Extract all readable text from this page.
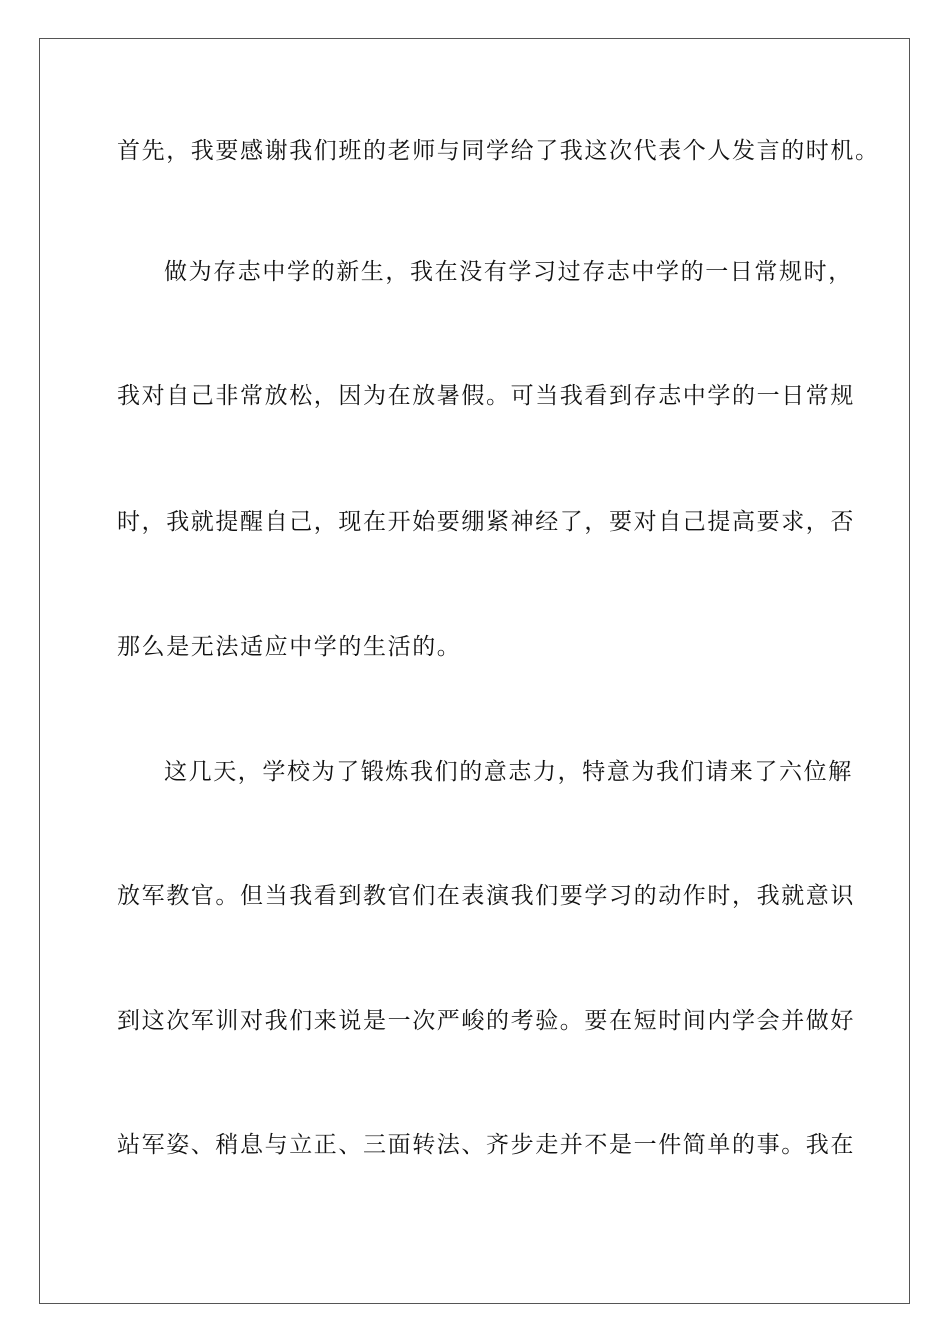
首先，我要感谢我们班的老师与同学给了我这次代表个人发言的时机。
做为存志中学的新生，我在没有学习过存志中学的一日常规时，
我对自己非常放松，因为在放暑假。可当我看到存志中学的一日常规
时，我就提醒自己，现在开始要绷紧神经了，要对自己提高要求，否
那么是无法适应中学的生活的。
这几天，学校为了锻炼我们的意志力，特意为我们请来了六位解
放军教官。但当我看到教官们在表演我们要学习的动作时，我就意识
到这次军训对我们来说是一次严峻的考验。要在短时间内学会并做好
站军姿、稍息与立正、三面转法、齐步走并不是一件简单的事。我在
